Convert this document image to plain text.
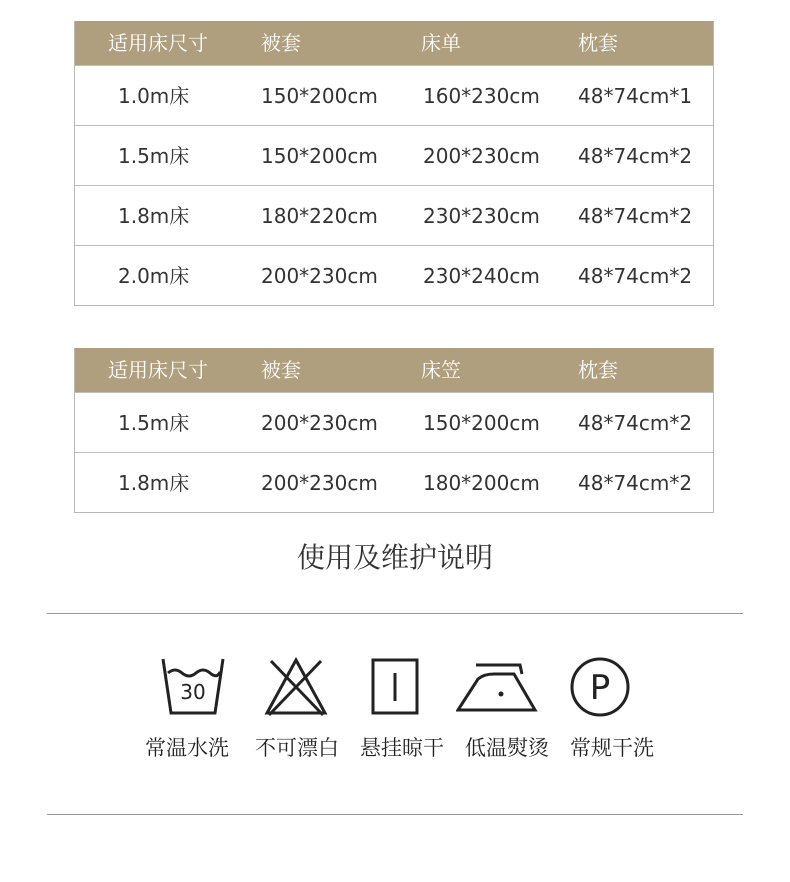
适用床尺寸	被套	床单	枕套
1.0m床	150*200cm 160*230cm 48*74cm*1
1.5m床	150*200cm 200*230cm 48*74cm*2
1.8m床	180*220cm 230*230cm 48*74cm*2
2.0m床	200*230cm 230*240cm 48*74cm*2
适用床尺寸	被套	床笠	枕套
1.5m床	200*230cm 150*200cm 48*74cm*2
1.8m床	200*230cm 180*200cm 48*74cm*2
使用及维护说明
30	P
常温水洗 不可漂白 悬挂晾干 低温熨烫 常规干洗
